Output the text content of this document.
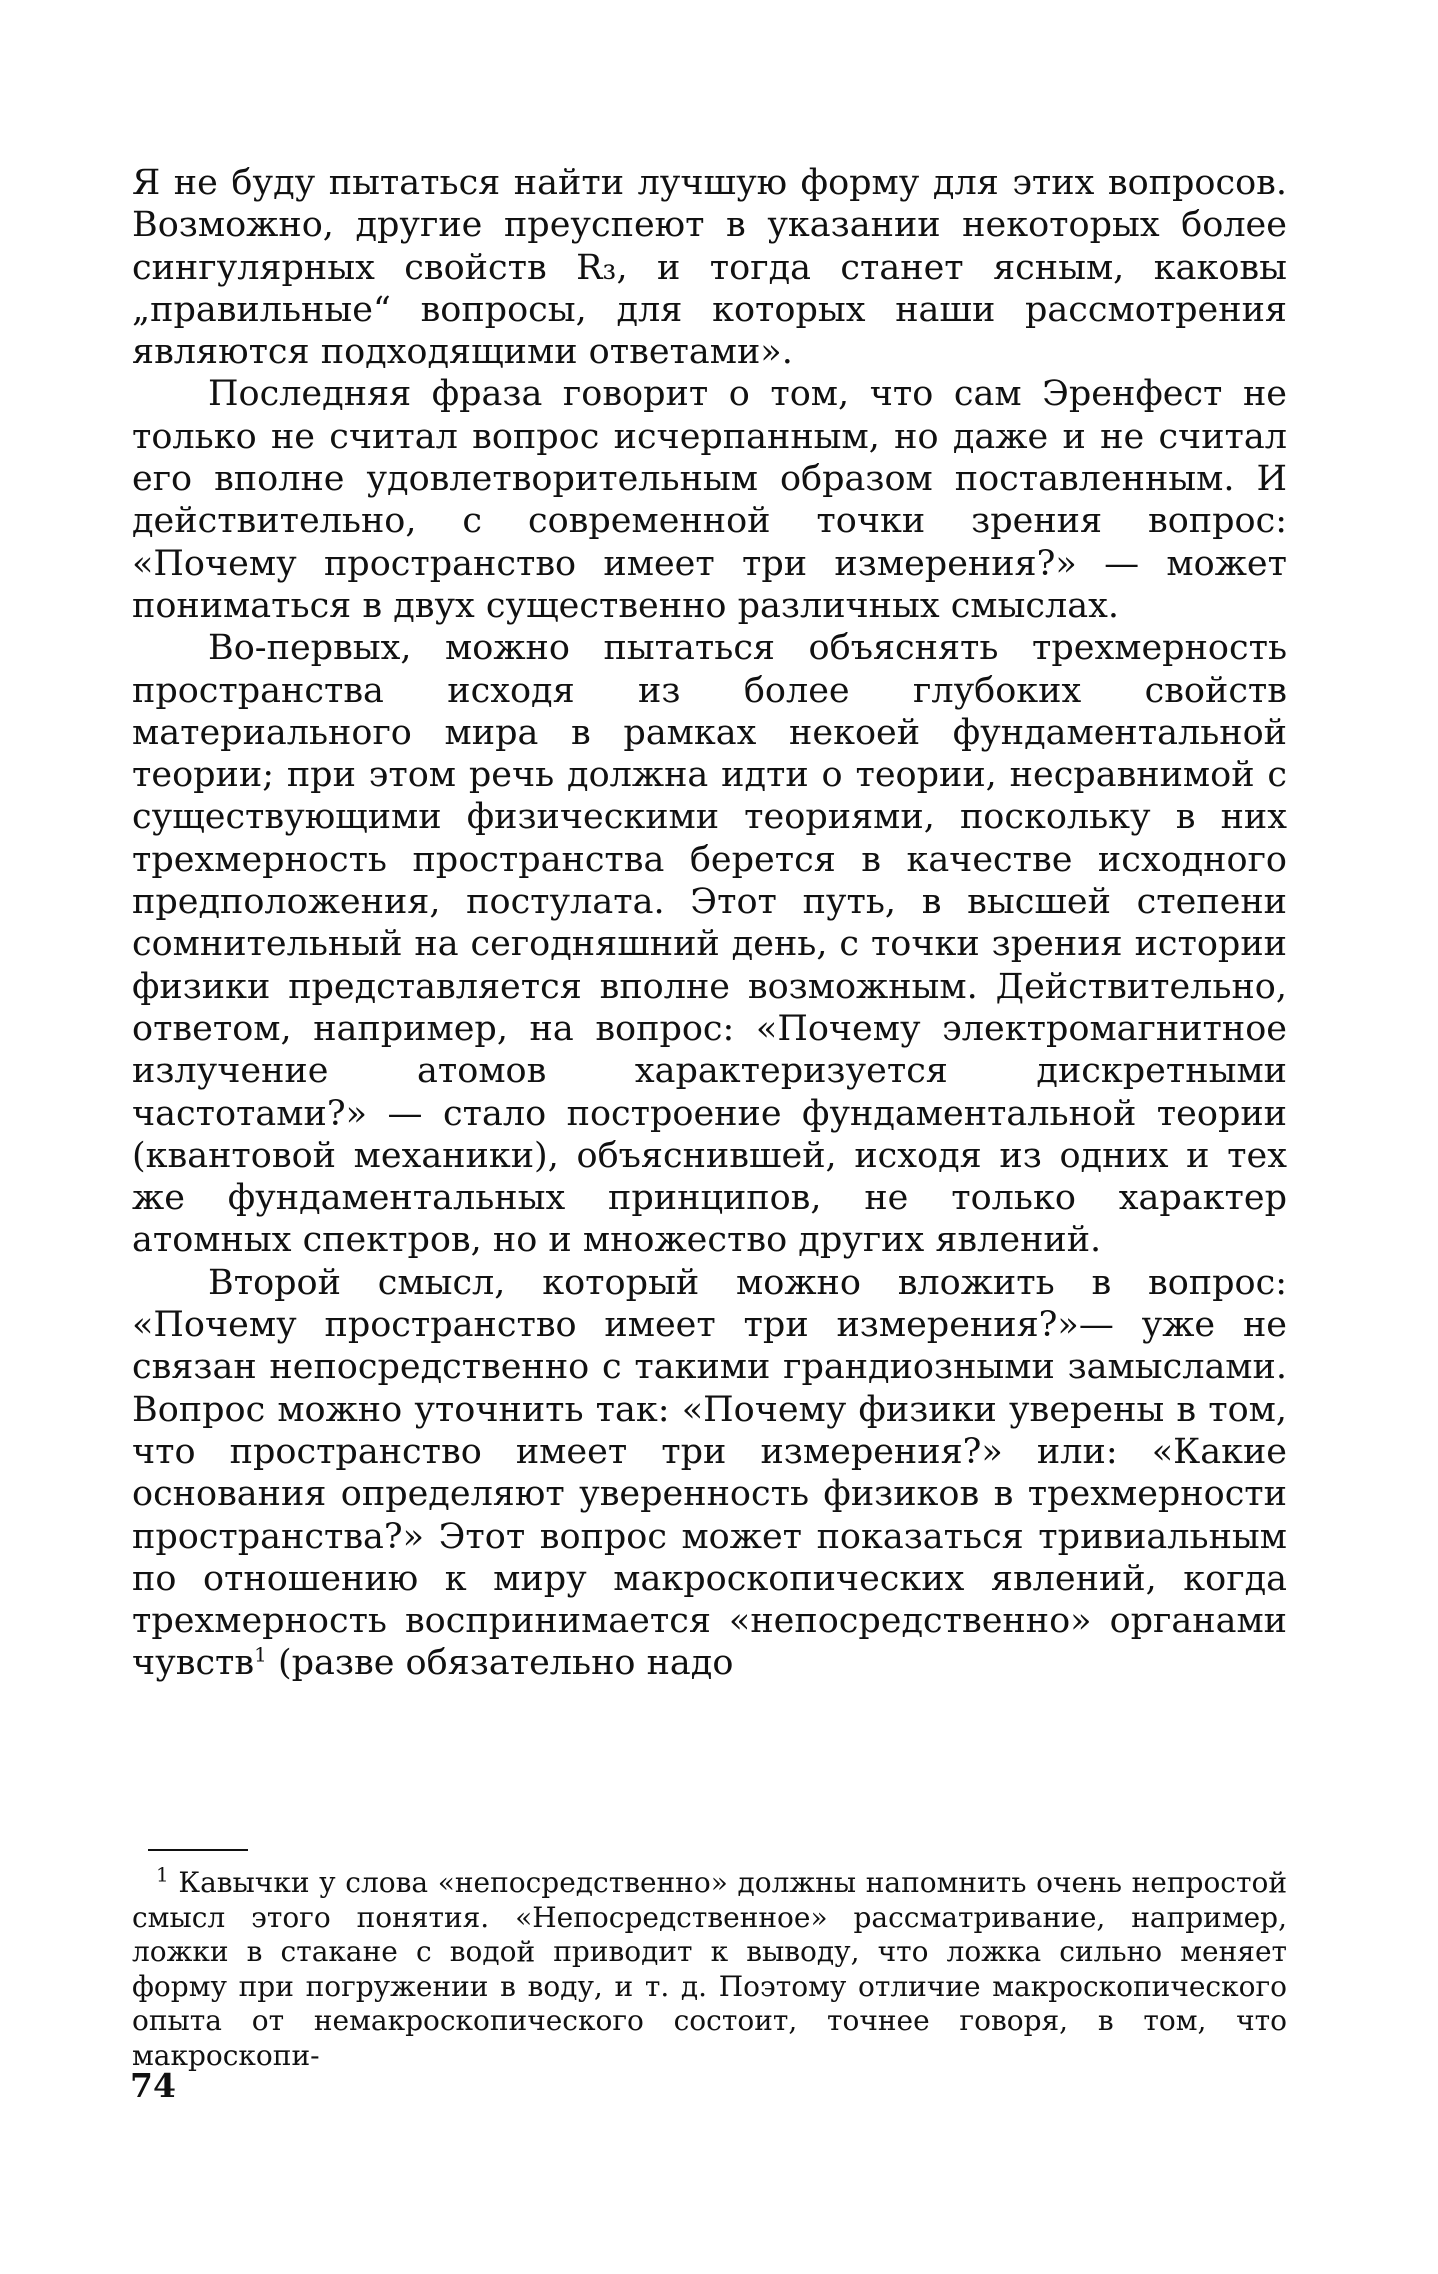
Я не буду пытаться найти лучшую форму для этих вопросов. Возможно, другие преуспеют в указании некоторых более сингулярных свойств R₃, и тогда станет ясным, каковы „правильные“ вопросы, для которых наши рассмотрения являются подходящими ответами».

Последняя фраза говорит о том, что сам Эренфест не только не считал вопрос исчерпанным, но даже и не считал его вполне удовлетворительным образом поставленным. И действительно, с современной точки зрения вопрос: «Почему пространство имеет три измерения?» — может пониматься в двух существенно различных смыслах.

Во-первых, можно пытаться объяснять трехмерность пространства исходя из более глубоких свойств материального мира в рамках некоей фундаментальной теории; при этом речь должна идти о теории, несравнимой с существующими физическими теориями, поскольку в них трехмерность пространства берется в качестве исходного предположения, постулата. Этот путь, в высшей степени сомнительный на сегодняшний день, с точки зрения истории физики представляется вполне возможным. Действительно, ответом, например, на вопрос: «Почему электромагнитное излучение атомов характеризуется дискретными частотами?» — стало построение фундаментальной теории (квантовой механики), объяснившей, исходя из одних и тех же фундаментальных принципов, не только характер атомных спектров, но и множество других явлений.

Второй смысл, который можно вложить в вопрос: «Почему пространство имеет три измерения?»— уже не связан непосредственно с такими грандиозными замыслами. Вопрос можно уточнить так: «Почему физики уверены в том, что пространство имеет три измерения?» или: «Какие основания определяют уверенность физиков в трехмерности пространства?» Этот вопрос может показаться тривиальным по отношению к миру макроскопических явлений, когда трехмерность воспринимается «непосредственно» органами чувств$^1$ (разве обязательно надо

$^1$ Кавычки у слова «непосредственно» должны напомнить очень непростой смысл этого понятия. «Непосредственное» рассматривание, например, ложки в стакане с водой приводит к выводу, что ложка сильно меняет форму при погружении в воду, и т. д. Поэтому отличие макроскопического опыта от немакроскопического состоит, точнее говоря, в том, что макроскопи-

74
